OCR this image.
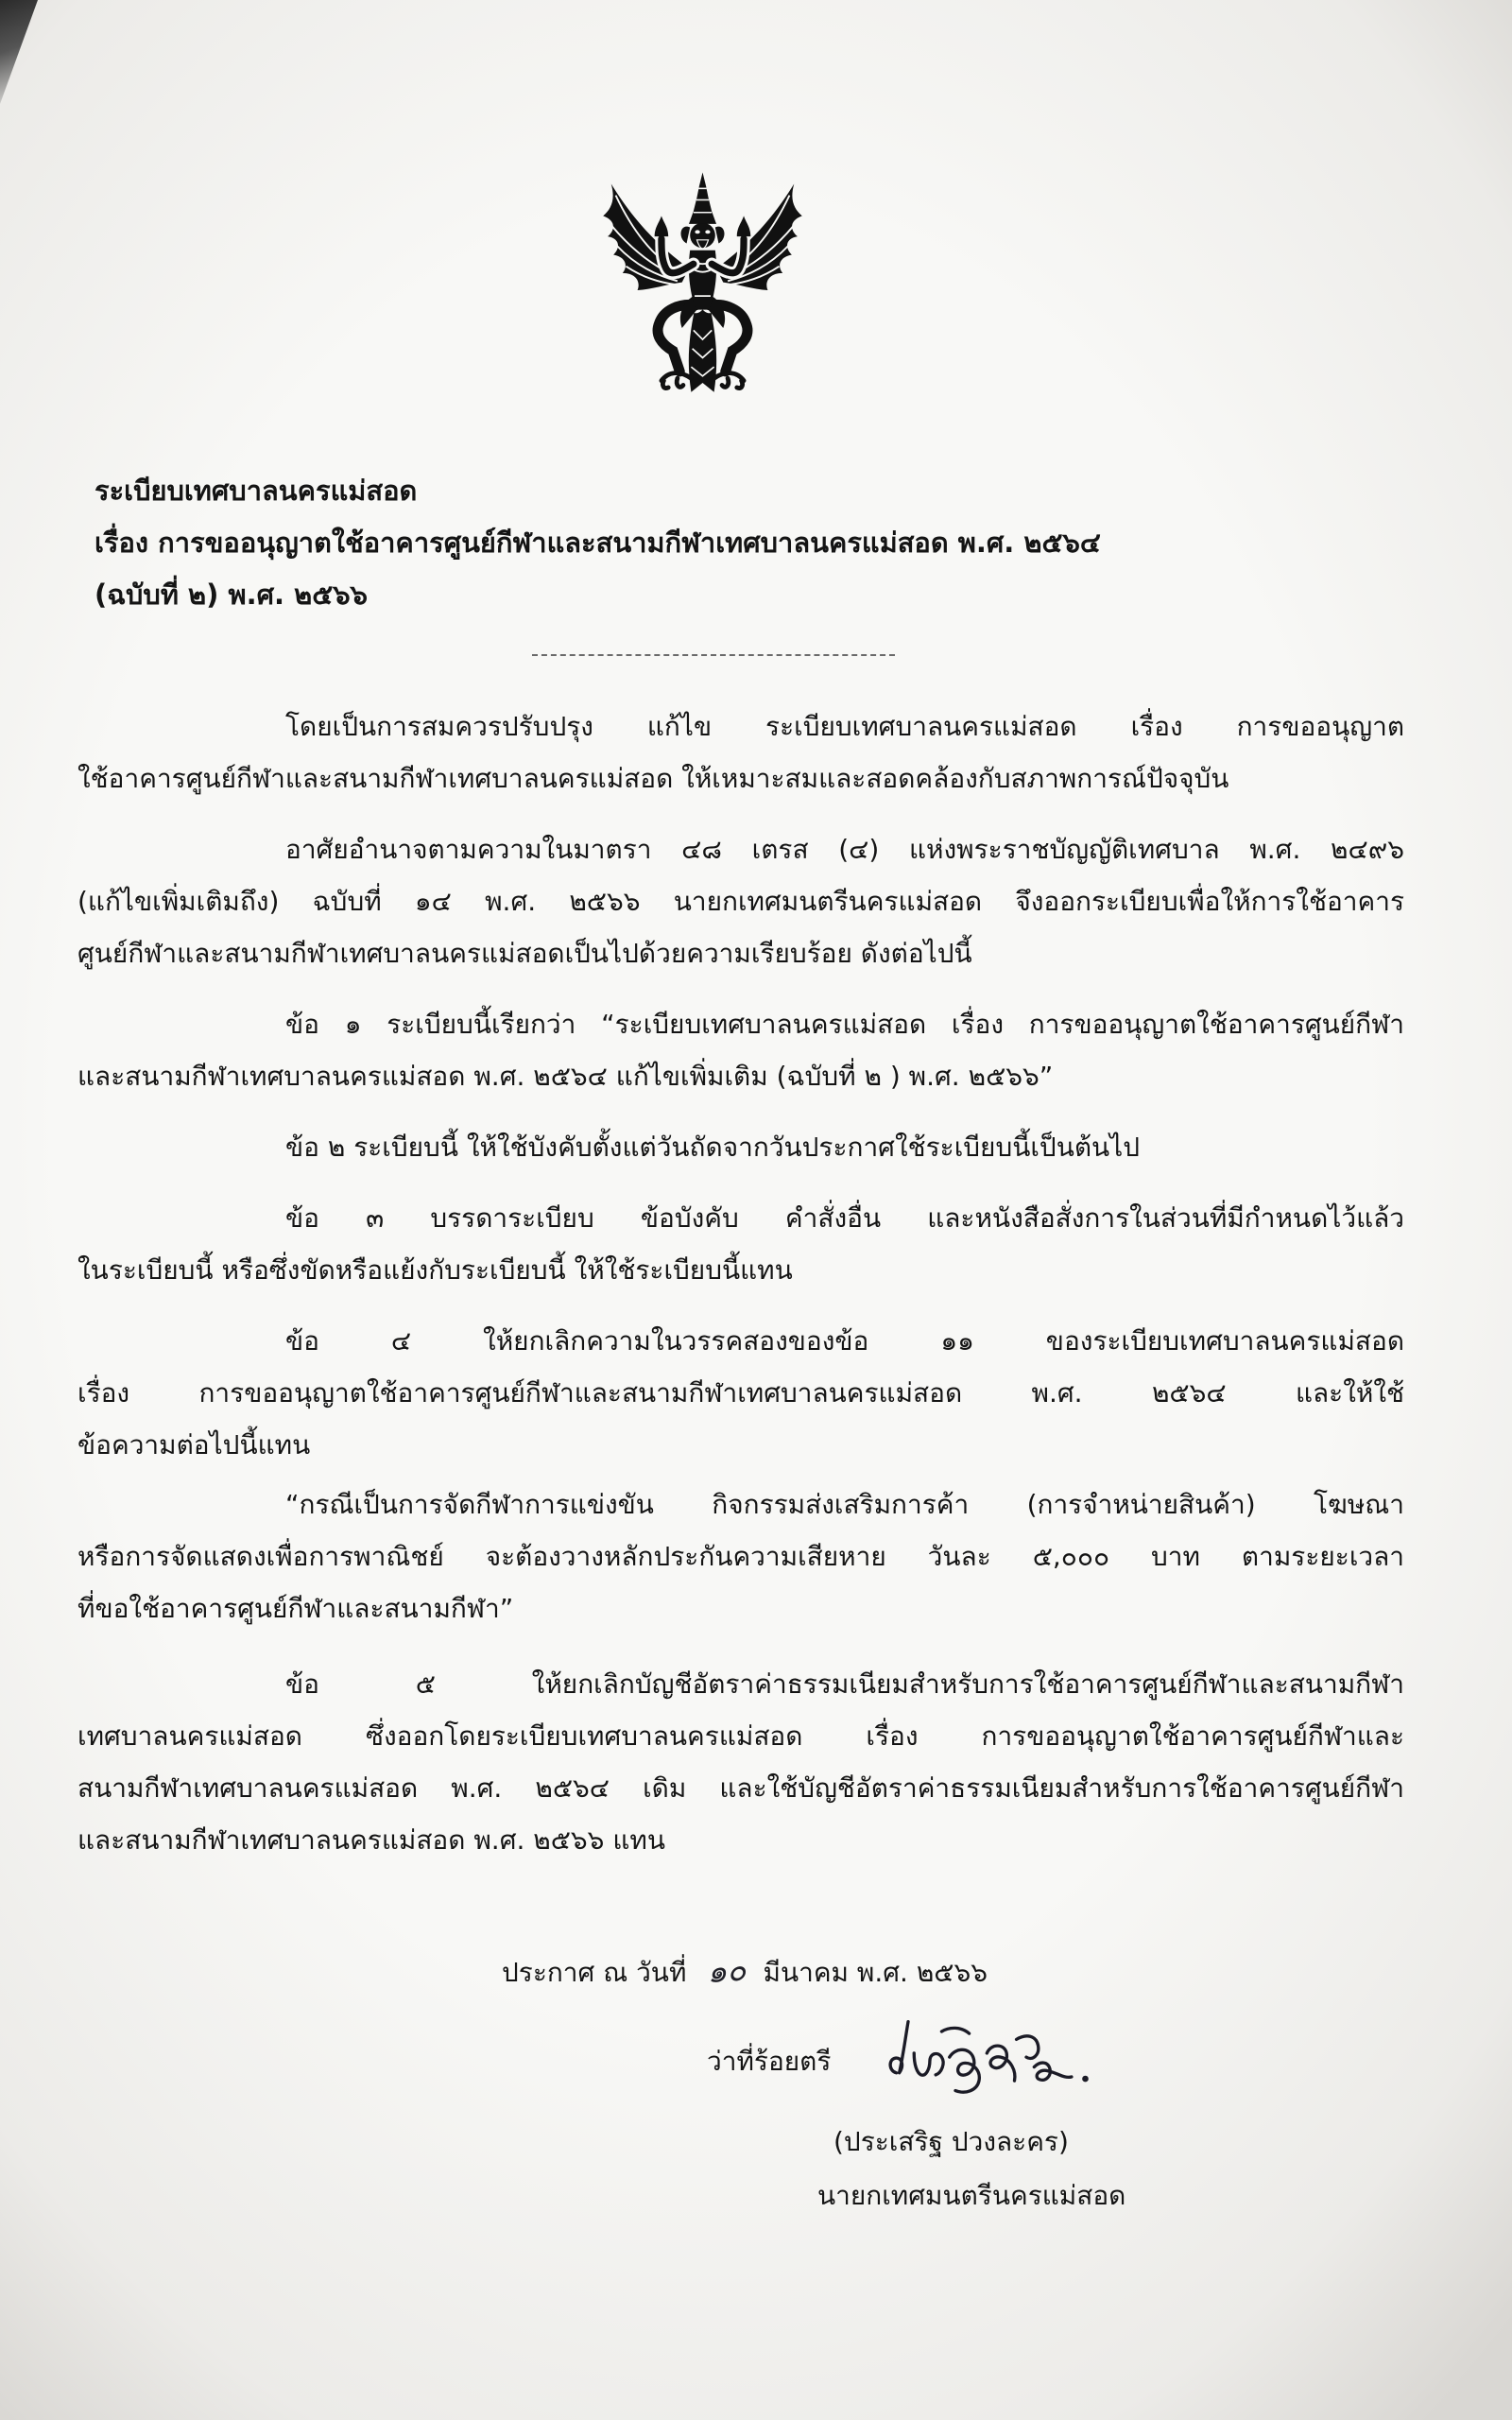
ระเบียบเทศบาลนครแม่สอด
เรื่อง การขออนุญาตใช้อาคารศูนย์กีฬาและสนามกีฬาเทศบาลนครแม่สอด พ.ศ. ๒๕๖๔
(ฉบับที่ ๒) พ.ศ. ๒๕๖๖
โดยเป็นการสมควรปรับปรุง แก้ไข ระเบียบเทศบาลนครแม่สอด เรื่อง การขออนุญาต
ใช้อาคารศูนย์กีฬาและสนามกีฬาเทศบาลนครแม่สอด ให้เหมาะสมและสอดคล้องกับสภาพการณ์ปัจจุบัน
อาศัยอำนาจตามความในมาตรา ๔๘ เตรส (๔) แห่งพระราชบัญญัติเทศบาล พ.ศ. ๒๔๙๖
(แก้ไขเพิ่มเติมถึง) ฉบับที่ ๑๔ พ.ศ. ๒๕๖๖ นายกเทศมนตรีนครแม่สอด จึงออกระเบียบเพื่อให้การใช้อาคาร
ศูนย์กีฬาและสนามกีฬาเทศบาลนครแม่สอดเป็นไปด้วยความเรียบร้อย ดังต่อไปนี้
ข้อ ๑ ระเบียบนี้เรียกว่า “ระเบียบเทศบาลนครแม่สอด เรื่อง การขออนุญาตใช้อาคารศูนย์กีฬา
และสนามกีฬาเทศบาลนครแม่สอด พ.ศ. ๒๕๖๔ แก้ไขเพิ่มเติม (ฉบับที่ ๒ ) พ.ศ. ๒๕๖๖”
ข้อ ๒ ระเบียบนี้ ให้ใช้บังคับตั้งแต่วันถัดจากวันประกาศใช้ระเบียบนี้เป็นต้นไป
ข้อ ๓ บรรดาระเบียบ ข้อบังคับ คำสั่งอื่น และหนังสือสั่งการในส่วนที่มีกำหนดไว้แล้ว
ในระเบียบนี้ หรือซึ่งขัดหรือแย้งกับระเบียบนี้ ให้ใช้ระเบียบนี้แทน
ข้อ ๔ ให้ยกเลิกความในวรรคสองของข้อ ๑๑ ของระเบียบเทศบาลนครแม่สอด
เรื่อง การขออนุญาตใช้อาคารศูนย์กีฬาและสนามกีฬาเทศบาลนครแม่สอด พ.ศ. ๒๕๖๔ และให้ใช้
ข้อความต่อไปนี้แทน
“กรณีเป็นการจัดกีฬาการแข่งขัน กิจกรรมส่งเสริมการค้า (การจำหน่ายสินค้า) โฆษณา
หรือการจัดแสดงเพื่อการพาณิชย์ จะต้องวางหลักประกันความเสียหาย วันละ ๕,๐๐๐ บาท ตามระยะเวลา
ที่ขอใช้อาคารศูนย์กีฬาและสนามกีฬา”
ข้อ ๕ ให้ยกเลิกบัญชีอัตราค่าธรรมเนียมสำหรับการใช้อาคารศูนย์กีฬาและสนามกีฬา
เทศบาลนครแม่สอด ซึ่งออกโดยระเบียบเทศบาลนครแม่สอด เรื่อง การขออนุญาตใช้อาคารศูนย์กีฬาและ
สนามกีฬาเทศบาลนครแม่สอด พ.ศ. ๒๕๖๔ เดิม และใช้บัญชีอัตราค่าธรรมเนียมสำหรับการใช้อาคารศูนย์กีฬา
และสนามกีฬาเทศบาลนครแม่สอด พ.ศ. ๒๕๖๖ แทน
ประกาศ ณ วันที่ ๑๐ มีนาคม พ.ศ. ๒๕๖๖
ว่าที่ร้อยตรี
(ประเสริฐ ปวงละคร)
นายกเทศมนตรีนครแม่สอด
